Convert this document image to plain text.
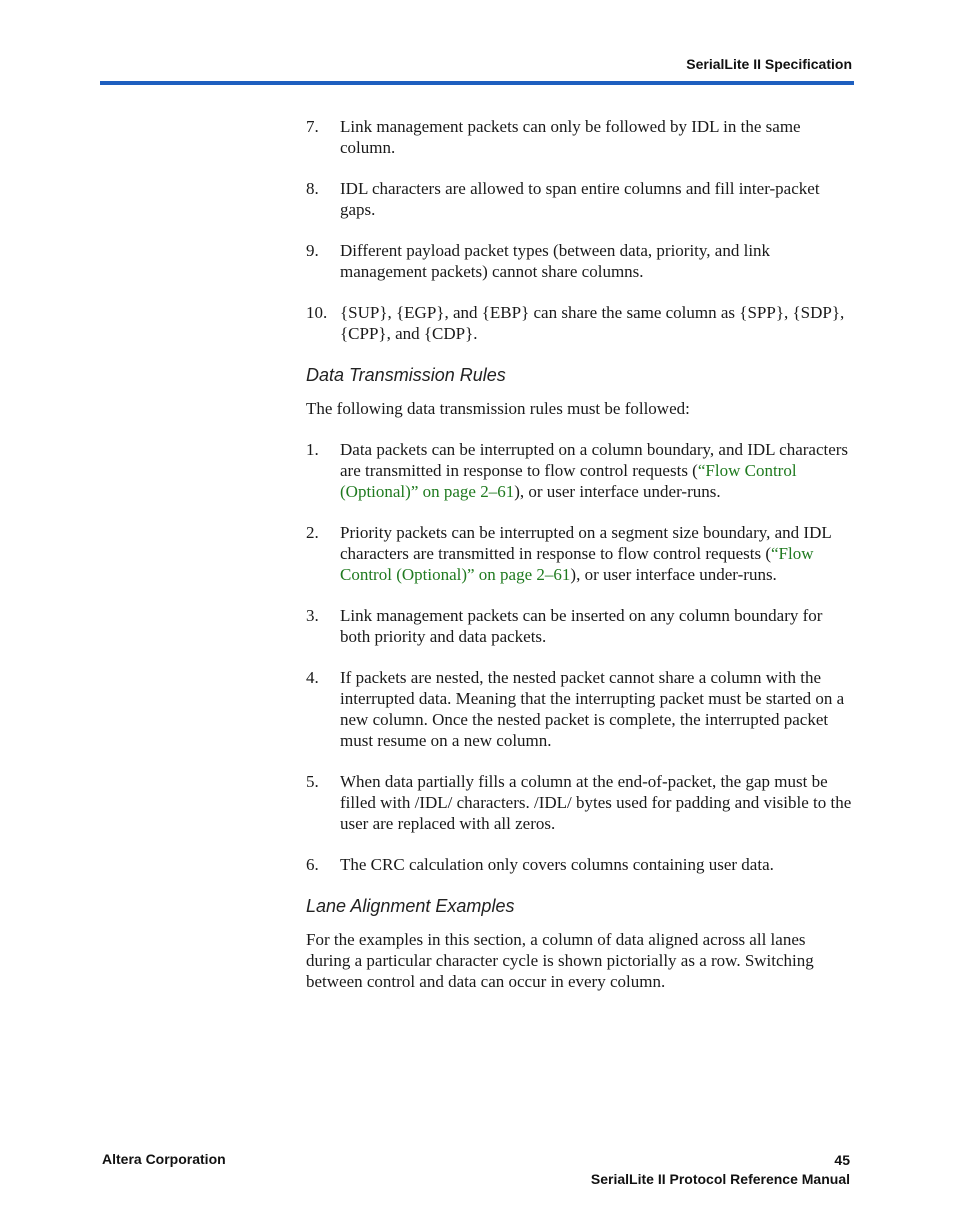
SerialLite II Specification
7.	Link management packets can only be followed by IDL in the same column.
8.	IDL characters are allowed to span entire columns and fill inter-packet gaps.
9.	Different payload packet types (between data, priority, and link management packets) cannot share columns.
10. {SUP}, {EGP}, and {EBP} can share the same column as {SPP}, {SDP}, {CPP}, and {CDP}.
Data Transmission Rules

The following data transmission rules must be followed:

1.	Data packets can be interrupted on a column boundary, and IDL characters are transmitted in response to flow control requests (“Flow Control (Optional)” on page 2–61), or user interface under-runs.
2.	Priority packets can be interrupted on a segment size boundary, and IDL characters are transmitted in response to flow control requests (“Flow Control (Optional)” on page 2–61), or user interface under-runs.
3.	Link management packets can be inserted on any column boundary for both priority and data packets.
4.	If packets are nested, the nested packet cannot share a column with the interrupted data. Meaning that the interrupting packet must be started on a new column. Once the nested packet is complete, the interrupted packet must resume on a new column.
5.	When data partially fills a column at the end-of-packet, the gap must be filled with /IDL/ characters. /IDL/ bytes used for padding and visible to the user are replaced with all zeros.
6.	The CRC calculation only covers columns containing user data.
Lane Alignment Examples

For the examples in this section, a column of data aligned across all lanes during a particular character cycle is shown pictorially as a row. Switching between control and data can occur in every column.

Altera Corporation	45
SerialLite II Protocol Reference Manual
